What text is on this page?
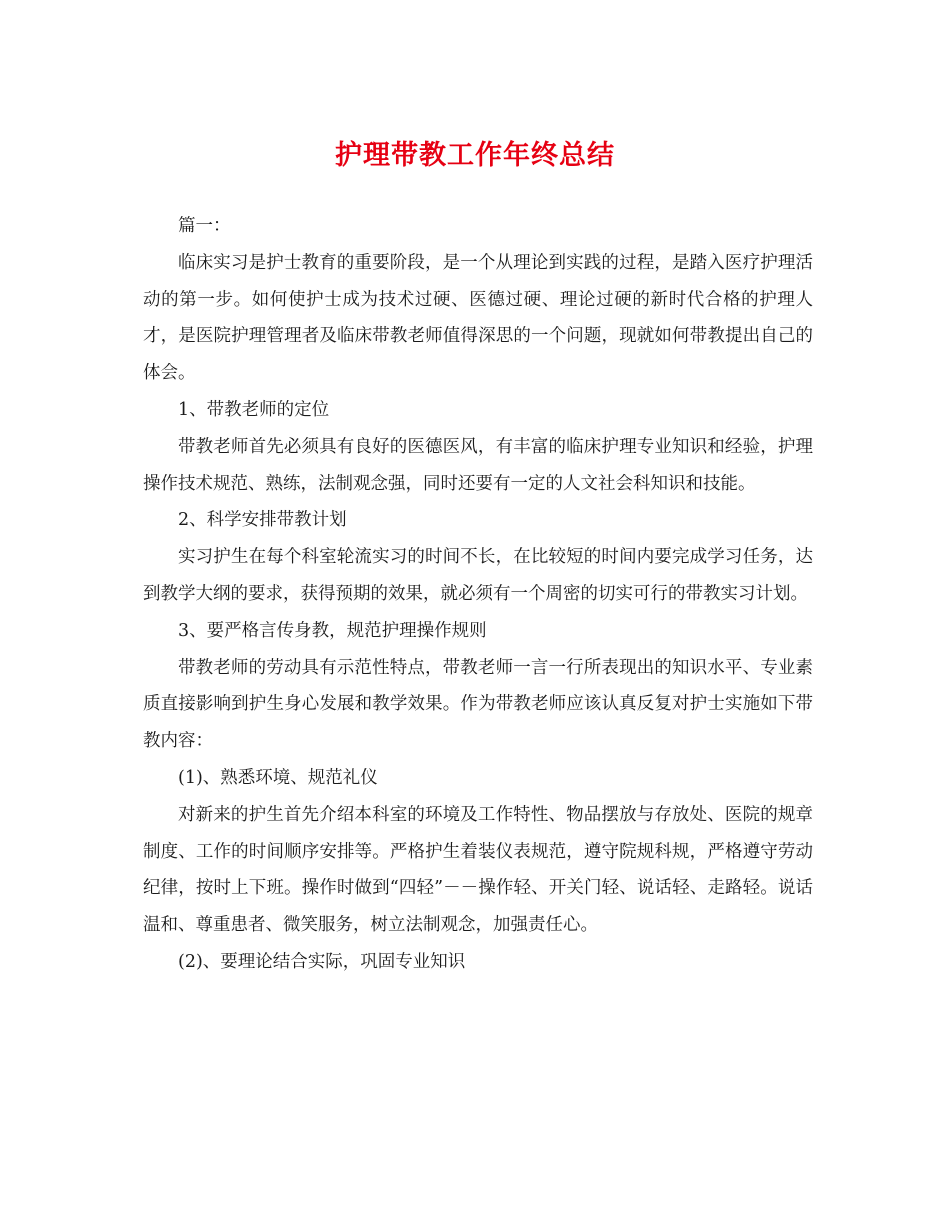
护理带教工作年终总结

篇一：

临床实习是护士教育的重要阶段，是一个从理论到实践的过程，是踏入医疗护理活动的第一步。如何使护士成为技术过硬、医德过硬、理论过硬的新时代合格的护理人才，是医院护理管理者及临床带教老师值得深思的一个问题，现就如何带教提出自己的体会。

1、带教老师的定位

带教老师首先必须具有良好的医德医风，有丰富的临床护理专业知识和经验，护理操作技术规范、熟练，法制观念强，同时还要有一定的人文社会科知识和技能。

2、科学安排带教计划

实习护生在每个科室轮流实习的时间不长，在比较短的时间内要完成学习任务，达到教学大纲的要求，获得预期的效果，就必须有一个周密的切实可行的带教实习计划。

3、要严格言传身教，规范护理操作规则

带教老师的劳动具有示范性特点，带教老师一言一行所表现出的知识水平、专业素质直接影响到护生身心发展和教学效果。作为带教老师应该认真反复对护士实施如下带教内容：

(1)、熟悉环境、规范礼仪

对新来的护生首先介绍本科室的环境及工作特性、物品摆放与存放处、医院的规章制度、工作的时间顺序安排等。严格护生着装仪表规范，遵守院规科规，严格遵守劳动纪律，按时上下班。操作时做到“四轻”－－操作轻、开关门轻、说话轻、走路轻。说话温和、尊重患者、微笑服务，树立法制观念，加强责任心。

(2)、要理论结合实际，巩固专业知识
